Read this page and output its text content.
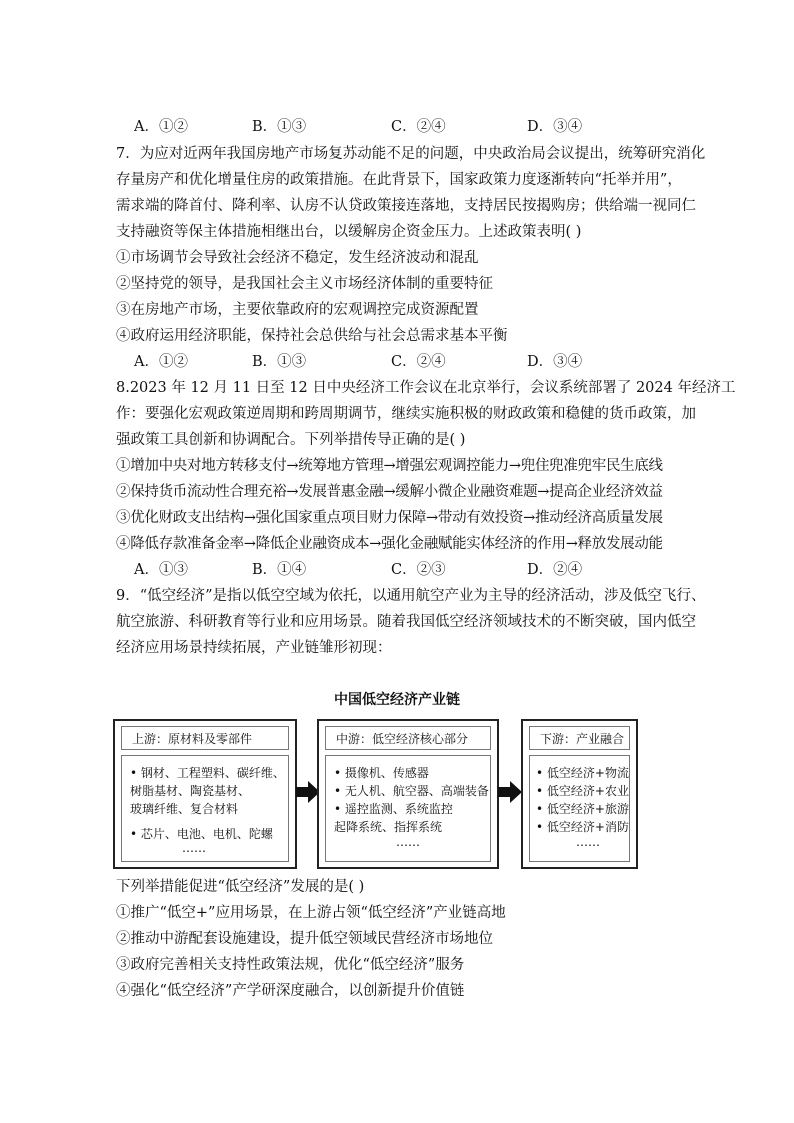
A．①②	B．①③	C．②④	D．③④
7．为应对近两年我国房地产市场复苏动能不足的问题，中央政治局会议提出，统筹研究消化
存量房产和优化增量住房的政策措施。在此背景下，国家政策力度逐渐转向“托举并用”，
需求端的降首付、降利率、认房不认贷政策接连落地，支持居民按揭购房；供给端一视同仁
支持融资等保主体措施相继出台，以缓解房企资金压力。上述政策表明( )
①市场调节会导致社会经济不稳定，发生经济波动和混乱
②坚持党的领导，是我国社会主义市场经济体制的重要特征
③在房地产市场，主要依靠政府的宏观调控完成资源配置
④政府运用经济职能，保持社会总供给与社会总需求基本平衡
A．①②	B．①③	C．②④	D．③④
8.2023 年 12 月 11 日至 12 日中央经济工作会议在北京举行，会议系统部署了 2024 年经济工
作：要强化宏观政策逆周期和跨周期调节，继续实施积极的财政政策和稳健的货币政策，加
强政策工具创新和协调配合。下列举措传导正确的是( )
①增加中央对地方转移支付→统筹地方管理→增强宏观调控能力→兜住兜准兜牢民生底线
②保持货币流动性合理充裕→发展普惠金融→缓解小微企业融资难题→提高企业经济效益
③优化财政支出结构→强化国家重点项目财力保障→带动有效投资→推动经济高质量发展
④降低存款准备金率→降低企业融资成本→强化金融赋能实体经济的作用→释放发展动能
A．①③	B．①④	C．②③	D．②④
9．“低空经济”是指以低空空域为依托，以通用航空产业为主导的经济活动，涉及低空飞行、
航空旅游、科研教育等行业和应用场景。随着我国低空经济领域技术的不断突破，国内低空
经济应用场景持续拓展，产业链雏形初现：
中国低空经济产业链
上游：原材料及零部件
• 钢材、工程塑料、碳纤维、
树脂基材、陶瓷基材、
玻璃纤维、复合材料
• 芯片、电池、电机、陀螺
……
中游：低空经济核心部分
• 摄像机、传感器
• 无人机、航空器、高端装备
• 遥控监测、系统监控
起降系统、指挥系统
……
下游：产业融合
• 低空经济+物流
• 低空经济+农业
• 低空经济+旅游
• 低空经济+消防
……
下列举措能促进“低空经济”发展的是( )
①推广“低空+”应用场景，在上游占领“低空经济”产业链高地
②推动中游配套设施建设，提升低空领域民营经济市场地位
③政府完善相关支持性政策法规，优化“低空经济”服务
④强化“低空经济”产学研深度融合，以创新提升价值链
